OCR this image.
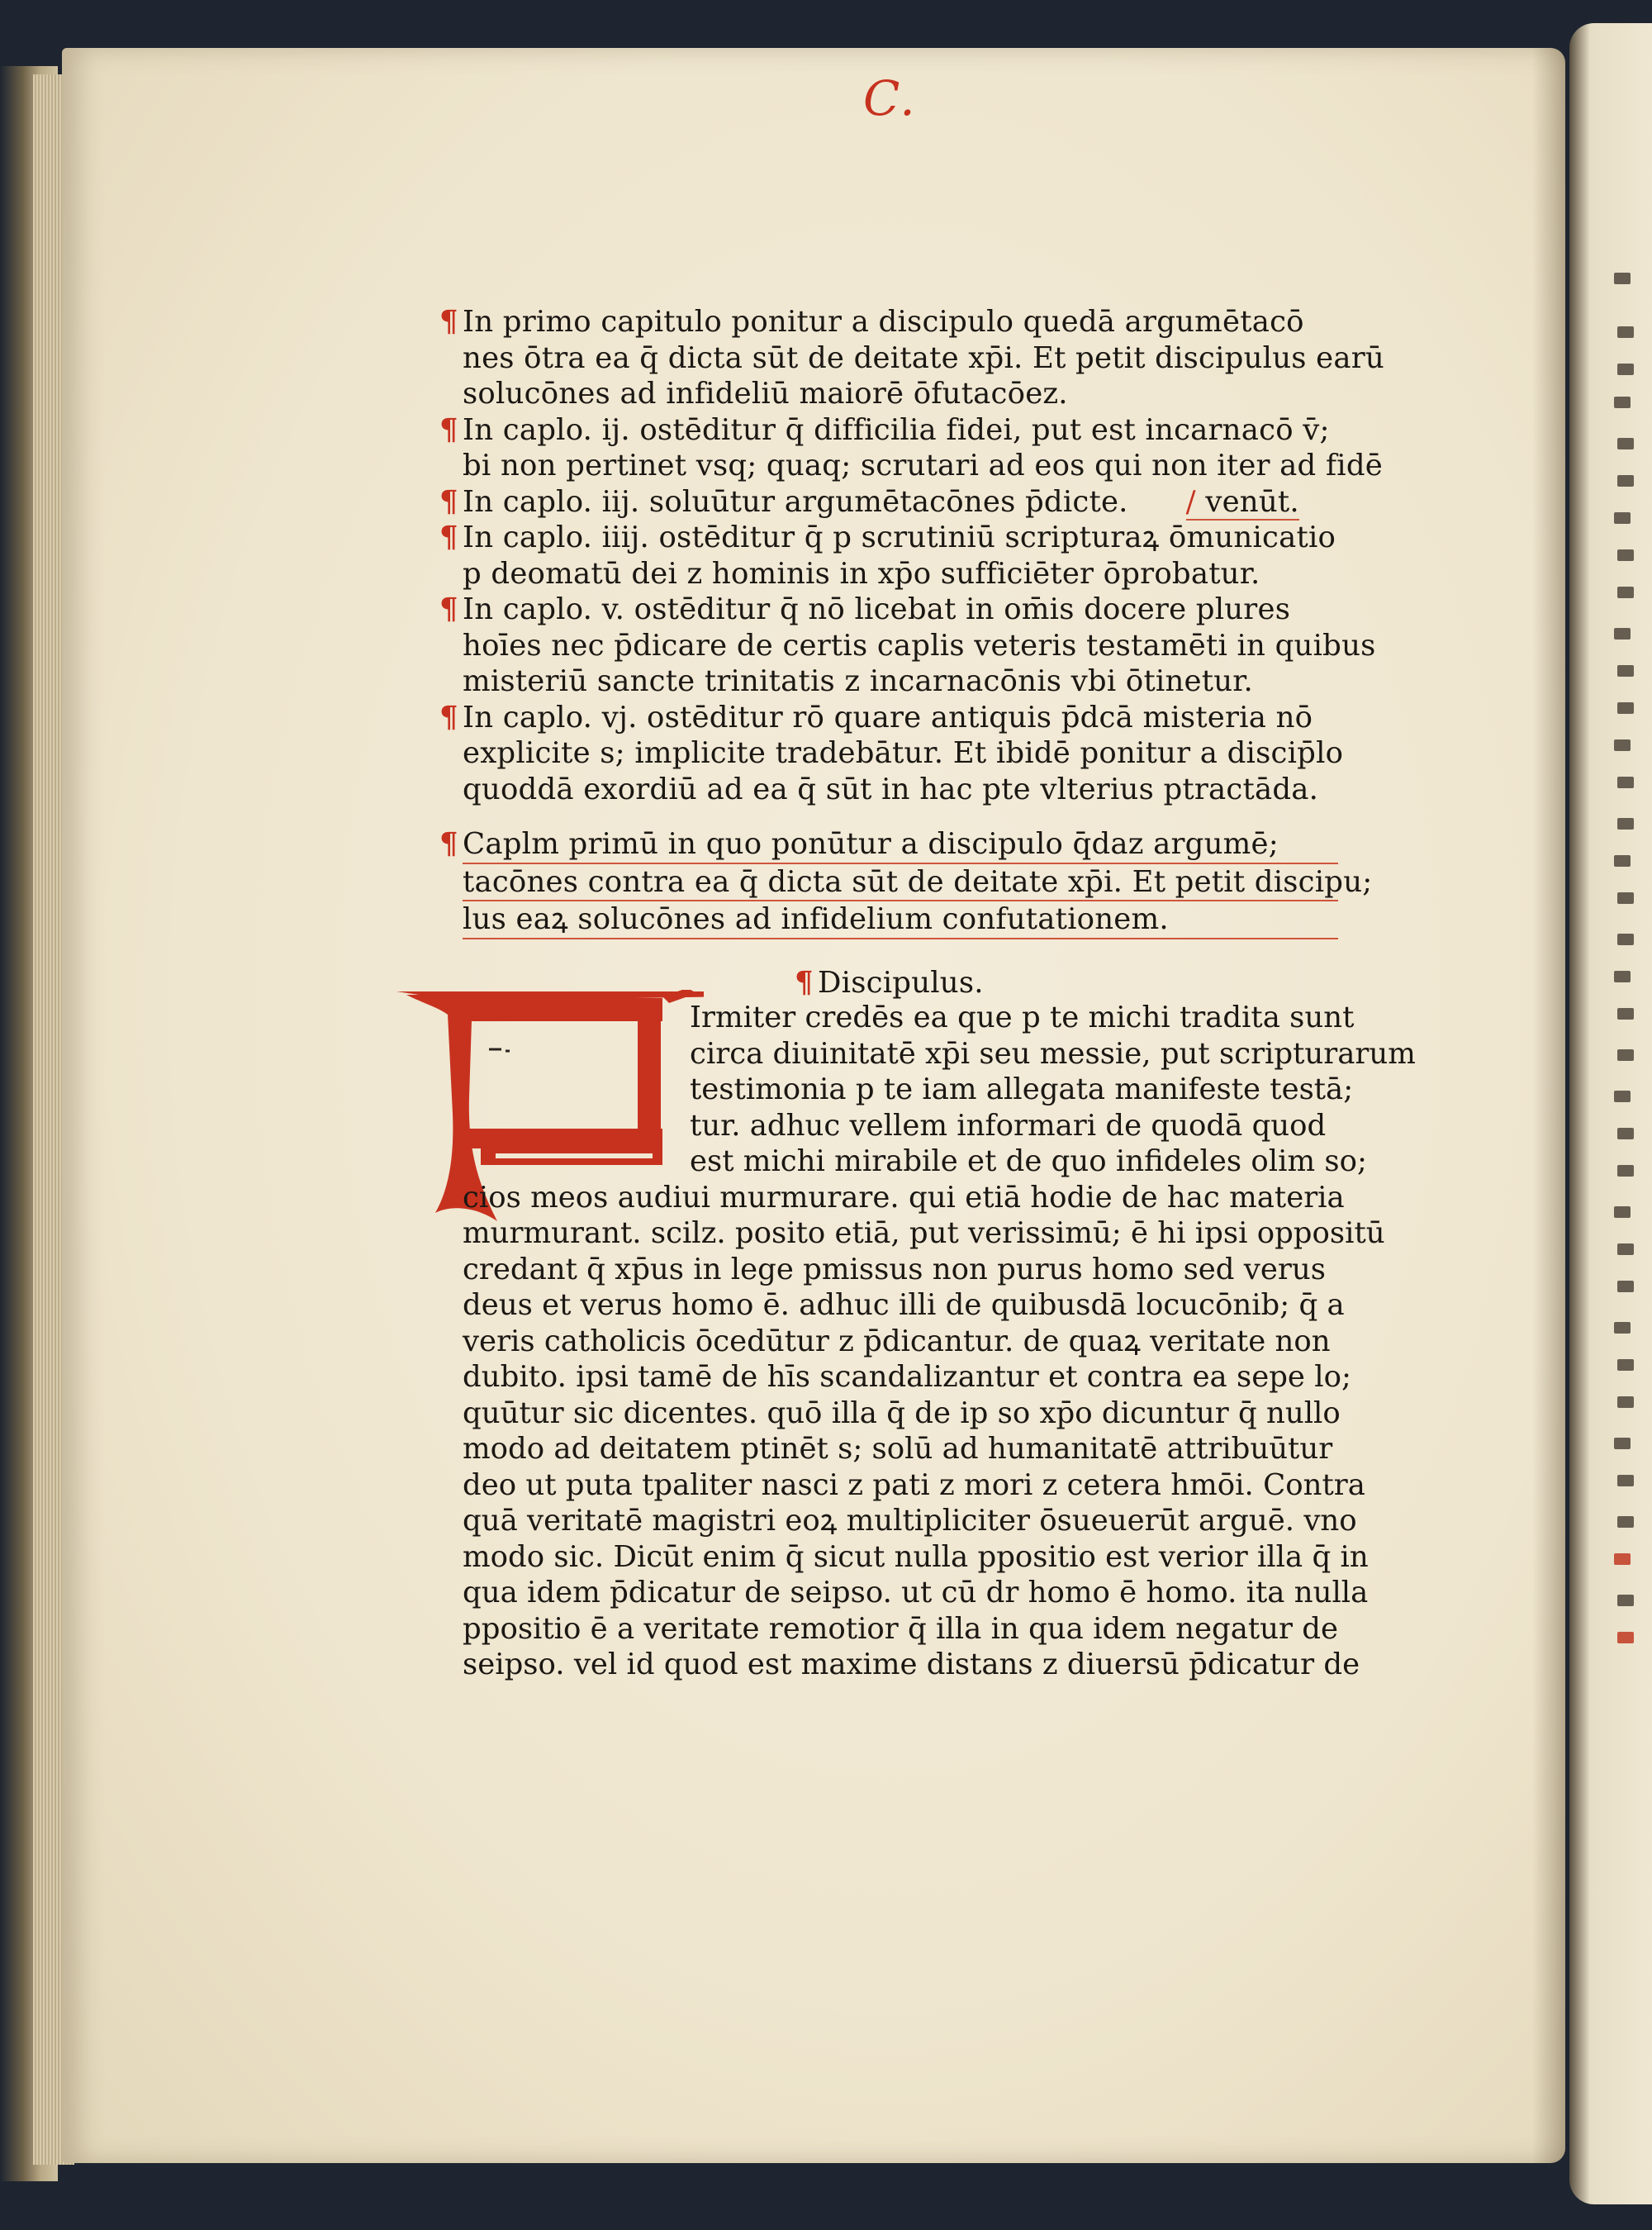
C.
¶ In primo capitulo ponitur a discipulo quedā argumētacō
nes ōtra ea q̄ dicta sūt de deitate xp̄i. Et petit discipulus earū
solucōnes ad infideliū maiorē ōfutacōez.
¶ In caplo. ij. ostēditur q̄ difficilia fidei, put est incarnacō v̄;
bi non pertinet vsq; quaq; scrutari ad eos qui non iter ad fidē
¶ In caplo. iij. soluūtur argumētacōnes p̄dicte. / venūt.
¶ In caplo. iiij. ostēditur q̄ p scrutiniū scripturaꝝ ōmunicatio
p deomatū dei z hominis in xp̄o sufficiēter ōprobatur.
¶ In caplo. v. ostēditur q̄ nō licebat in om̄is docere plures
hoīes nec p̄dicare de certis caplis veteris testamēti in quibus
misteriū sancte trinitatis z incarnacōnis vbi ōtinetur.
¶ In caplo. vj. ostēditur rō quare antiquis p̄dcā misteria nō
explicite s; implicite tradebātur. Et ibidē ponitur a discip̄lo
quoddā exordiū ad ea q̄ sūt in hac pte vlterius ptractāda.
¶ Caplm primū in quo ponūtur a discipulo q̄daz argumē;
tacōnes contra ea q̄ dicta sūt de deitate xp̄i. Et petit discipu;
lus eaꝝ solucōnes ad infidelium confutationem.
¶ Discipulus.
Irmiter credēs ea que p te michi tradita sunt
circa diuinitatē xp̄i seu messie, put scripturarum
testimonia p te iam allegata manifeste testā;
tur. adhuc vellem informari de quodā quod
est michi mirabile et de quo infideles olim so;
cios meos audiui murmurare. qui etiā hodie de hac materia
murmurant. scilz. posito etiā, put verissimū; ē hi ipsi oppositū
credant q̄ xp̄us in lege pmissus non purus homo sed verus
deus et verus homo ē. adhuc illi de quibusdā locucōnib; q̄ a
veris catholicis ōcedūtur z p̄dicantur. de quaꝝ veritate non
dubito. ipsi tamē de hīs scandalizantur et contra ea sepe lo;
quūtur sic dicentes. quō illa q̄ de ip so xp̄o dicuntur q̄ nullo
modo ad deitatem ptinēt s; solū ad humanitatē attribuūtur
deo ut puta tpaliter nasci z pati z mori z cetera hmōi. Contra
quā veritatē magistri eoꝝ multipliciter ōsueuerūt arguē. vno
modo sic. Dicūt enim q̄ sicut nulla ppositio est verior illa q̄ in
qua idem p̄dicatur de seipso. ut cū dr homo ē homo. ita nulla
ppositio ē a veritate remotior q̄ illa in qua idem negatur de
seipso. vel id quod est maxime distans z diuersū p̄dicatur de
